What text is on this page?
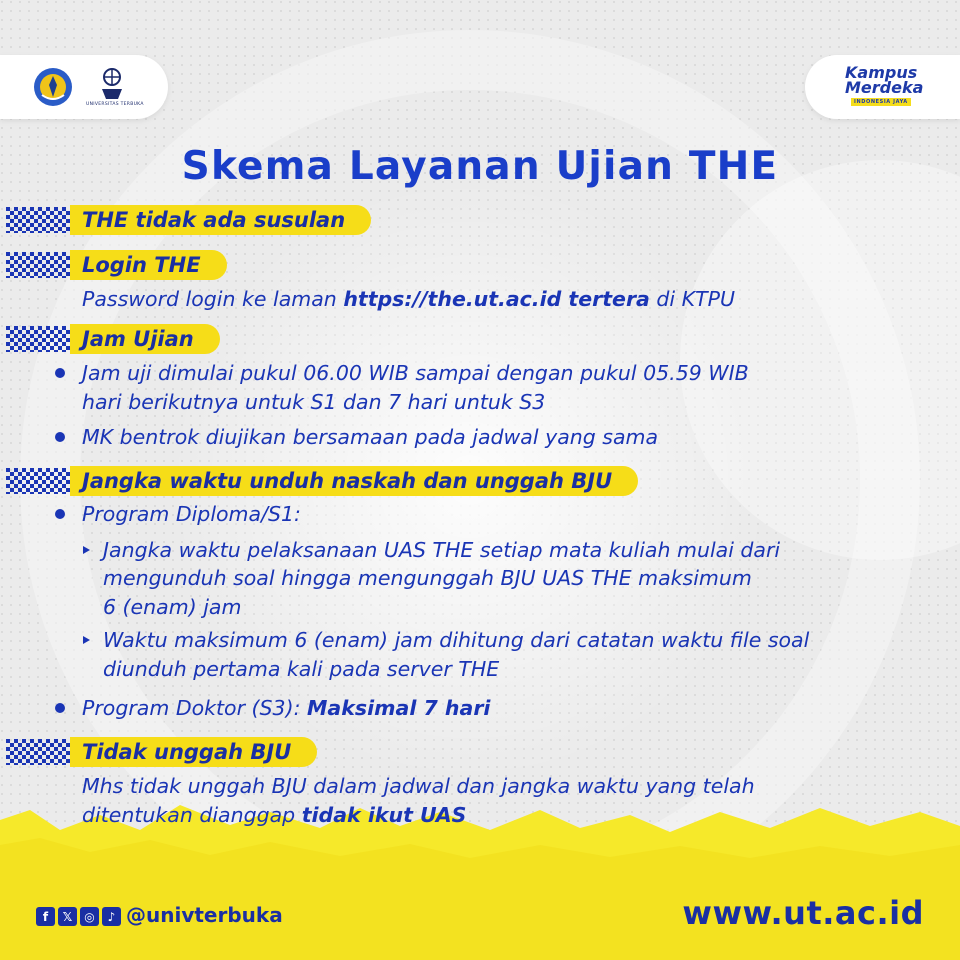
UNIVERSITAS TERBUKA
Kampus
Merdeka
INDONESIA JAYA
Skema Layanan Ujian THE
THE tidak ada susulan
Login THE
Password login ke laman https://the.ut.ac.id tertera di KTPU
Jam Ujian
Jam uji dimulai pukul 06.00 WIB sampai dengan pukul 05.59 WIB
hari berikutnya untuk S1 dan 7 hari untuk S3
MK bentrok diujikan bersamaan pada jadwal yang sama
Jangka waktu unduh naskah dan unggah BJU
Program Diploma/S1:
Jangka waktu pelaksanaan UAS THE setiap mata kuliah mulai dari
mengunduh soal hingga mengunggah BJU UAS THE maksimum
6 (enam) jam
Waktu maksimum 6 (enam) jam dihitung dari catatan waktu file soal
diunduh pertama kali pada server THE
Program Doktor (S3): Maksimal 7 hari
Tidak unggah BJU
Mhs tidak unggah BJU dalam jadwal dan jangka waktu yang telah
ditentukan dianggap tidak ikut UAS
f	𝕏 ◎	♪ @univterbuka	www.ut.ac.id
